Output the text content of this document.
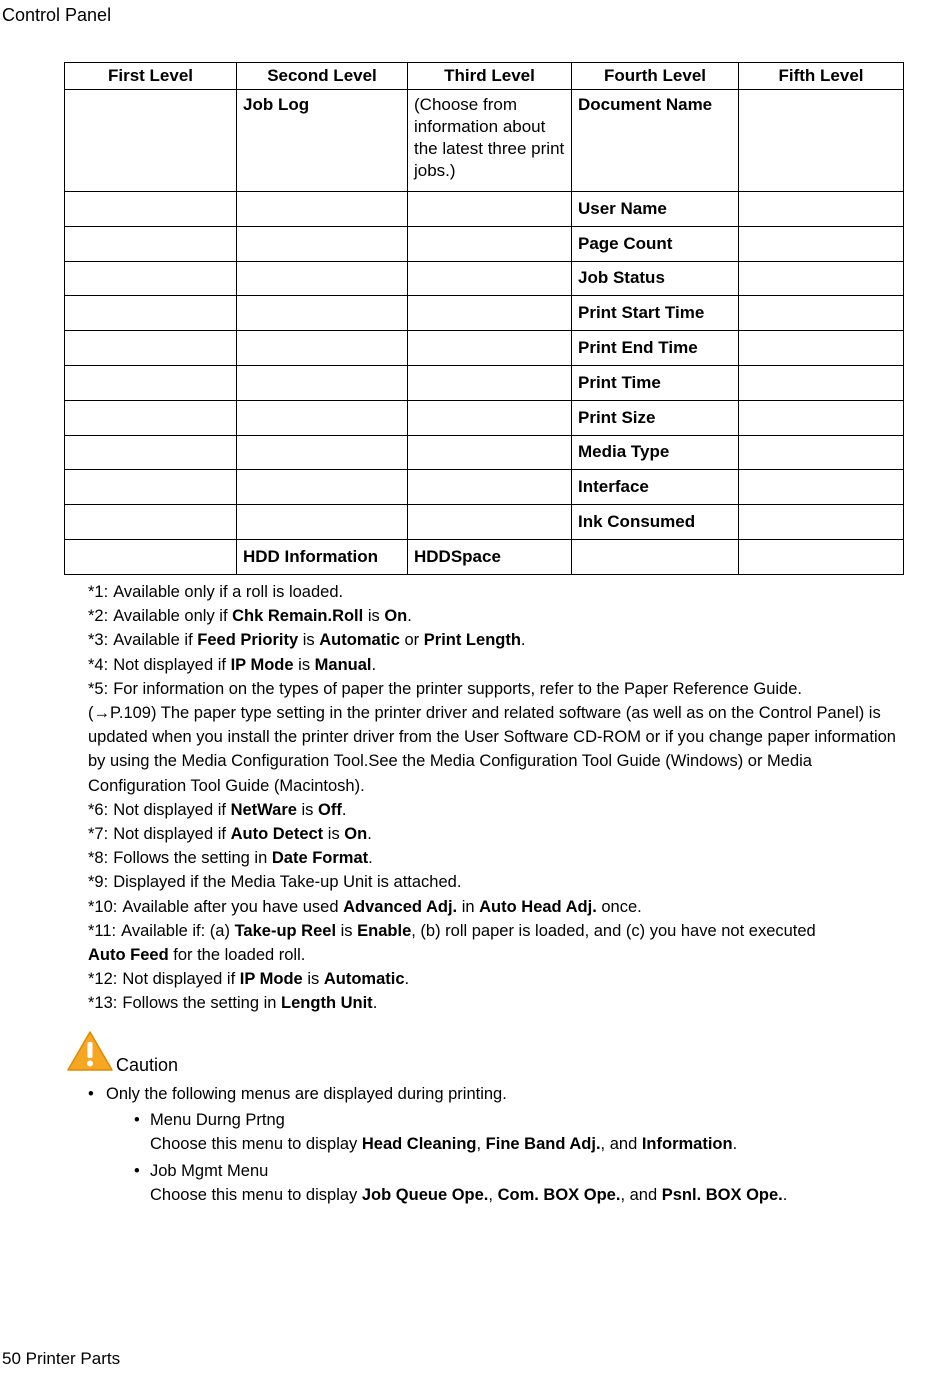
Control Panel
First Level	Second Level	Third Level	Fourth Level	Fifth Level
	Job Log	(Choose from information about the latest three print jobs.)	Document Name	
			User Name	
			Page Count	
			Job Status	
			Print Start Time	
			Print End Time	
			Print Time	
			Print Size	
			Media Type	
			Interface	
			Ink Consumed	
	HDD Information	HDDSpace		
*1: Available only if a roll is loaded.
*2: Available only if Chk Remain.Roll is On.
*3: Available if Feed Priority is Automatic or Print Length.
*4: Not displayed if IP Mode is Manual.
*5: For information on the types of paper the printer supports, refer to the Paper Reference Guide.
(→P.109) The paper type setting in the printer driver and related software (as well as on the Control Panel) is updated when you install the printer driver from the User Software CD-ROM or if you change paper information by using the Media Configuration Tool.See the Media Configuration Tool Guide (Windows) or Media Configuration Tool Guide (Macintosh).
*6: Not displayed if NetWare is Off.
*7: Not displayed if Auto Detect is On.
*8: Follows the setting in Date Format.
*9: Displayed if the Media Take-up Unit is attached.
*10: Available after you have used Advanced Adj. in Auto Head Adj. once.
*11: Available if: (a) Take-up Reel is Enable, (b) roll paper is loaded, and (c) you have not executed
Auto Feed for the loaded roll.
*12: Not displayed if IP Mode is Automatic.
*13: Follows the setting in Length Unit.
Caution
• Only the following menus are displayed during printing.
• Menu Durng Prtng
Choose this menu to display Head Cleaning, Fine Band Adj., and Information.
• Job Mgmt Menu
Choose this menu to display Job Queue Ope., Com. BOX Ope., and Psnl. BOX Ope..
50 Printer Parts
